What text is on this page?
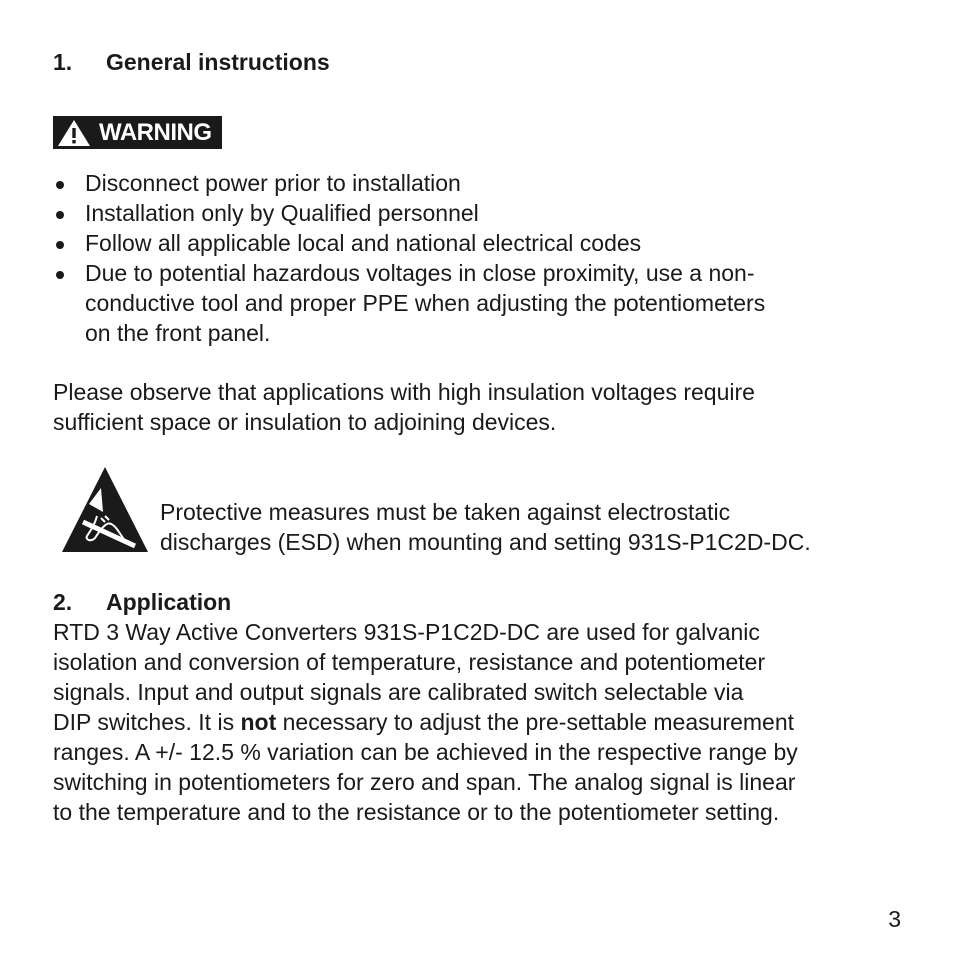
1. General instructions
WARNING
Disconnect power prior to installation
Installation only by Qualified personnel
Follow all applicable local and national electrical codes
Due to potential hazardous voltages in close proximity, use a non-
conductive tool and proper PPE when adjusting the potentiometers
on the front panel.
Please observe that applications with high insulation voltages require
sufficient space or insulation to adjoining devices.
Protective measures must be taken against electrostatic
discharges (ESD) when mounting and setting 931S-P1C2D-DC.
2. Application
RTD 3 Way Active Converters 931S-P1C2D-DC are used for galvanic
isolation and conversion of temperature, resistance and potentiometer
signals. Input and output signals are calibrated switch selectable via
DIP switches. It is not necessary to adjust the pre-settable measurement
ranges. A +/- 12.5 % variation can be achieved in the respective range by
switching in potentiometers for zero and span. The analog signal is linear
to the temperature and to the resistance or to the potentiometer setting.
3
